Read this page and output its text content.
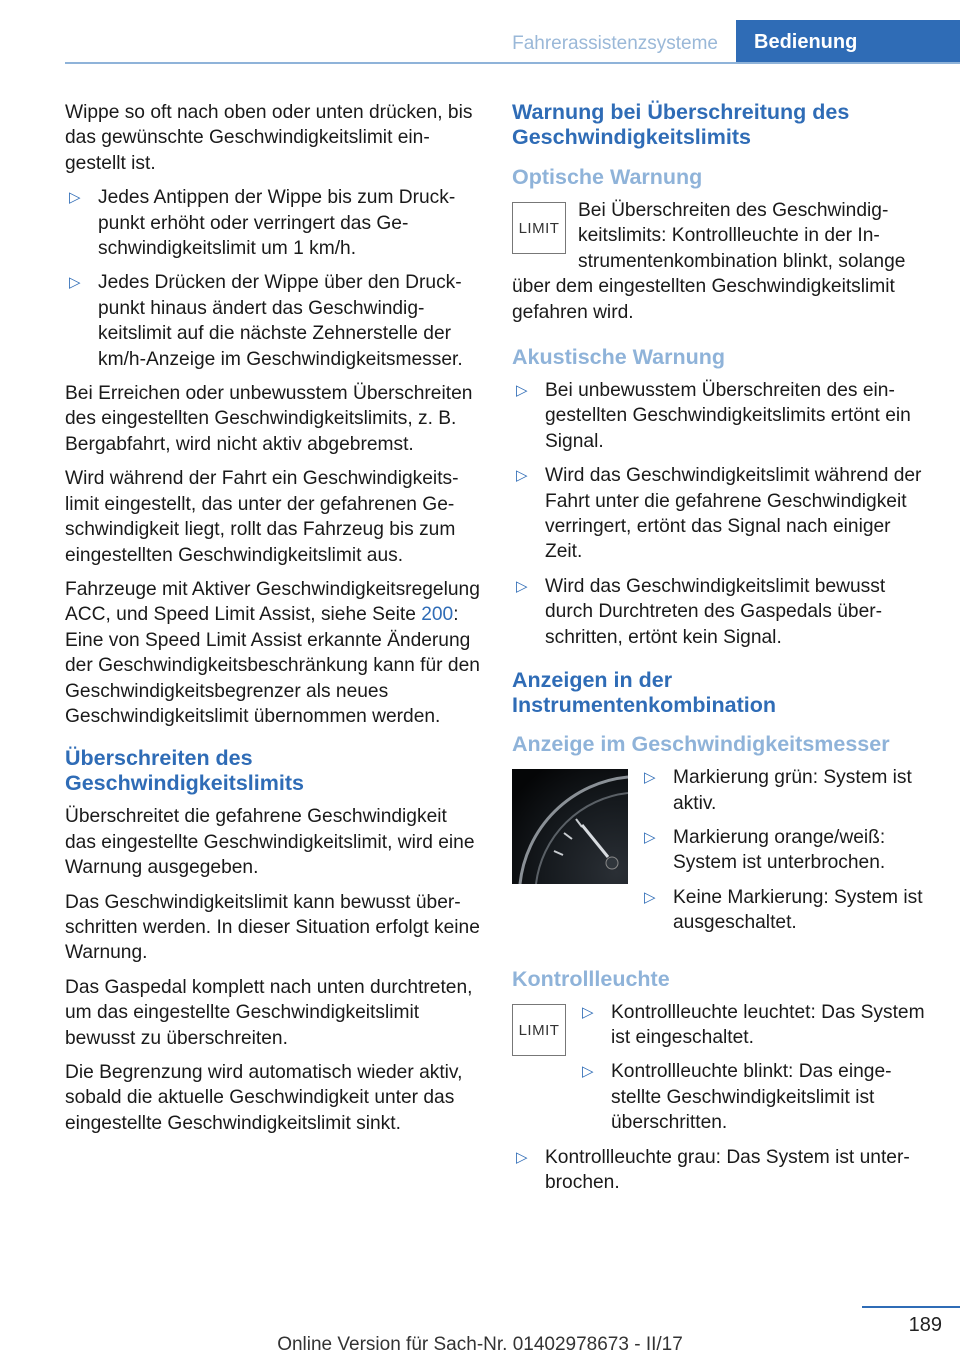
Fahrerassistenzsysteme	Bedienung

Wippe so oft nach oben oder unten drücken, bis das gewünschte Geschwindigkeitslimit eingestellt ist.

▷ Jedes Antippen der Wippe bis zum Druckpunkt erhöht oder verringert das Geschwindigkeitslimit um 1 km/h.
▷ Jedes Drücken der Wippe über den Druckpunkt hinaus ändert das Geschwindigkeitslimit auf die nächste Zehnerstelle der km/h-Anzeige im Geschwindigkeitsmesser.

Bei Erreichen oder unbewusstem Überschreiten des eingestellten Geschwindigkeitslimits, z. B. Bergabfahrt, wird nicht aktiv abgebremst.

Wird während der Fahrt ein Geschwindigkeitslimit eingestellt, das unter der gefahrenen Geschwindigkeit liegt, rollt das Fahrzeug bis zum eingestellten Geschwindigkeitslimit aus.

Fahrzeuge mit Aktiver Geschwindigkeitsregelung ACC, und Speed Limit Assist, siehe Seite 200: Eine von Speed Limit Assist erkannte Änderung der Geschwindigkeitsbeschränkung kann für den Geschwindigkeitsbegrenzer als neues Geschwindigkeitslimit übernommen werden.

Überschreiten des Geschwindigkeitslimits

Überschreitet die gefahrene Geschwindigkeit das eingestellte Geschwindigkeitslimit, wird eine Warnung ausgegeben.

Das Geschwindigkeitslimit kann bewusst überschritten werden. In dieser Situation erfolgt keine Warnung.

Das Gaspedal komplett nach unten durchtreten, um das eingestellte Geschwindigkeitslimit bewusst zu überschreiten.

Die Begrenzung wird automatisch wieder aktiv, sobald die aktuelle Geschwindigkeit unter das eingestellte Geschwindigkeitslimit sinkt.

Warnung bei Überschreitung des Geschwindigkeitslimits
Optische Warnung
LIMIT
Bei Überschreiten des Geschwindigkeitslimits: Kontrollleuchte in der Instrumentenkombination blinkt, solange über dem eingestellten Geschwindigkeitslimit gefahren wird.
Akustische Warnung
▷ Bei unbewusstem Überschreiten des eingestellten Geschwindigkeitslimits ertönt ein Signal.
▷ Wird das Geschwindigkeitslimit während der Fahrt unter die gefahrene Geschwindigkeit verringert, ertönt das Signal nach einiger Zeit.
▷ Wird das Geschwindigkeitslimit bewusst durch Durchtreten des Gaspedals überschritten, ertönt kein Signal.
Anzeigen in der Instrumentenkombination
Anzeige im Geschwindigkeitsmesser
▷ Markierung grün: System ist aktiv.
▷ Markierung orange/weiß: System ist unterbrochen.
▷ Keine Markierung: System ist ausgeschaltet.
Kontrollleuchte
LIMIT
▷ Kontrollleuchte leuchtet: Das System ist eingeschaltet.
▷ Kontrollleuchte blinkt: Das eingestellte Geschwindigkeitslimit ist überschritten.
▷ Kontrollleuchte grau: Das System ist unterbrochen.
189
Online Version für Sach-Nr. 01402978673 - II/17
